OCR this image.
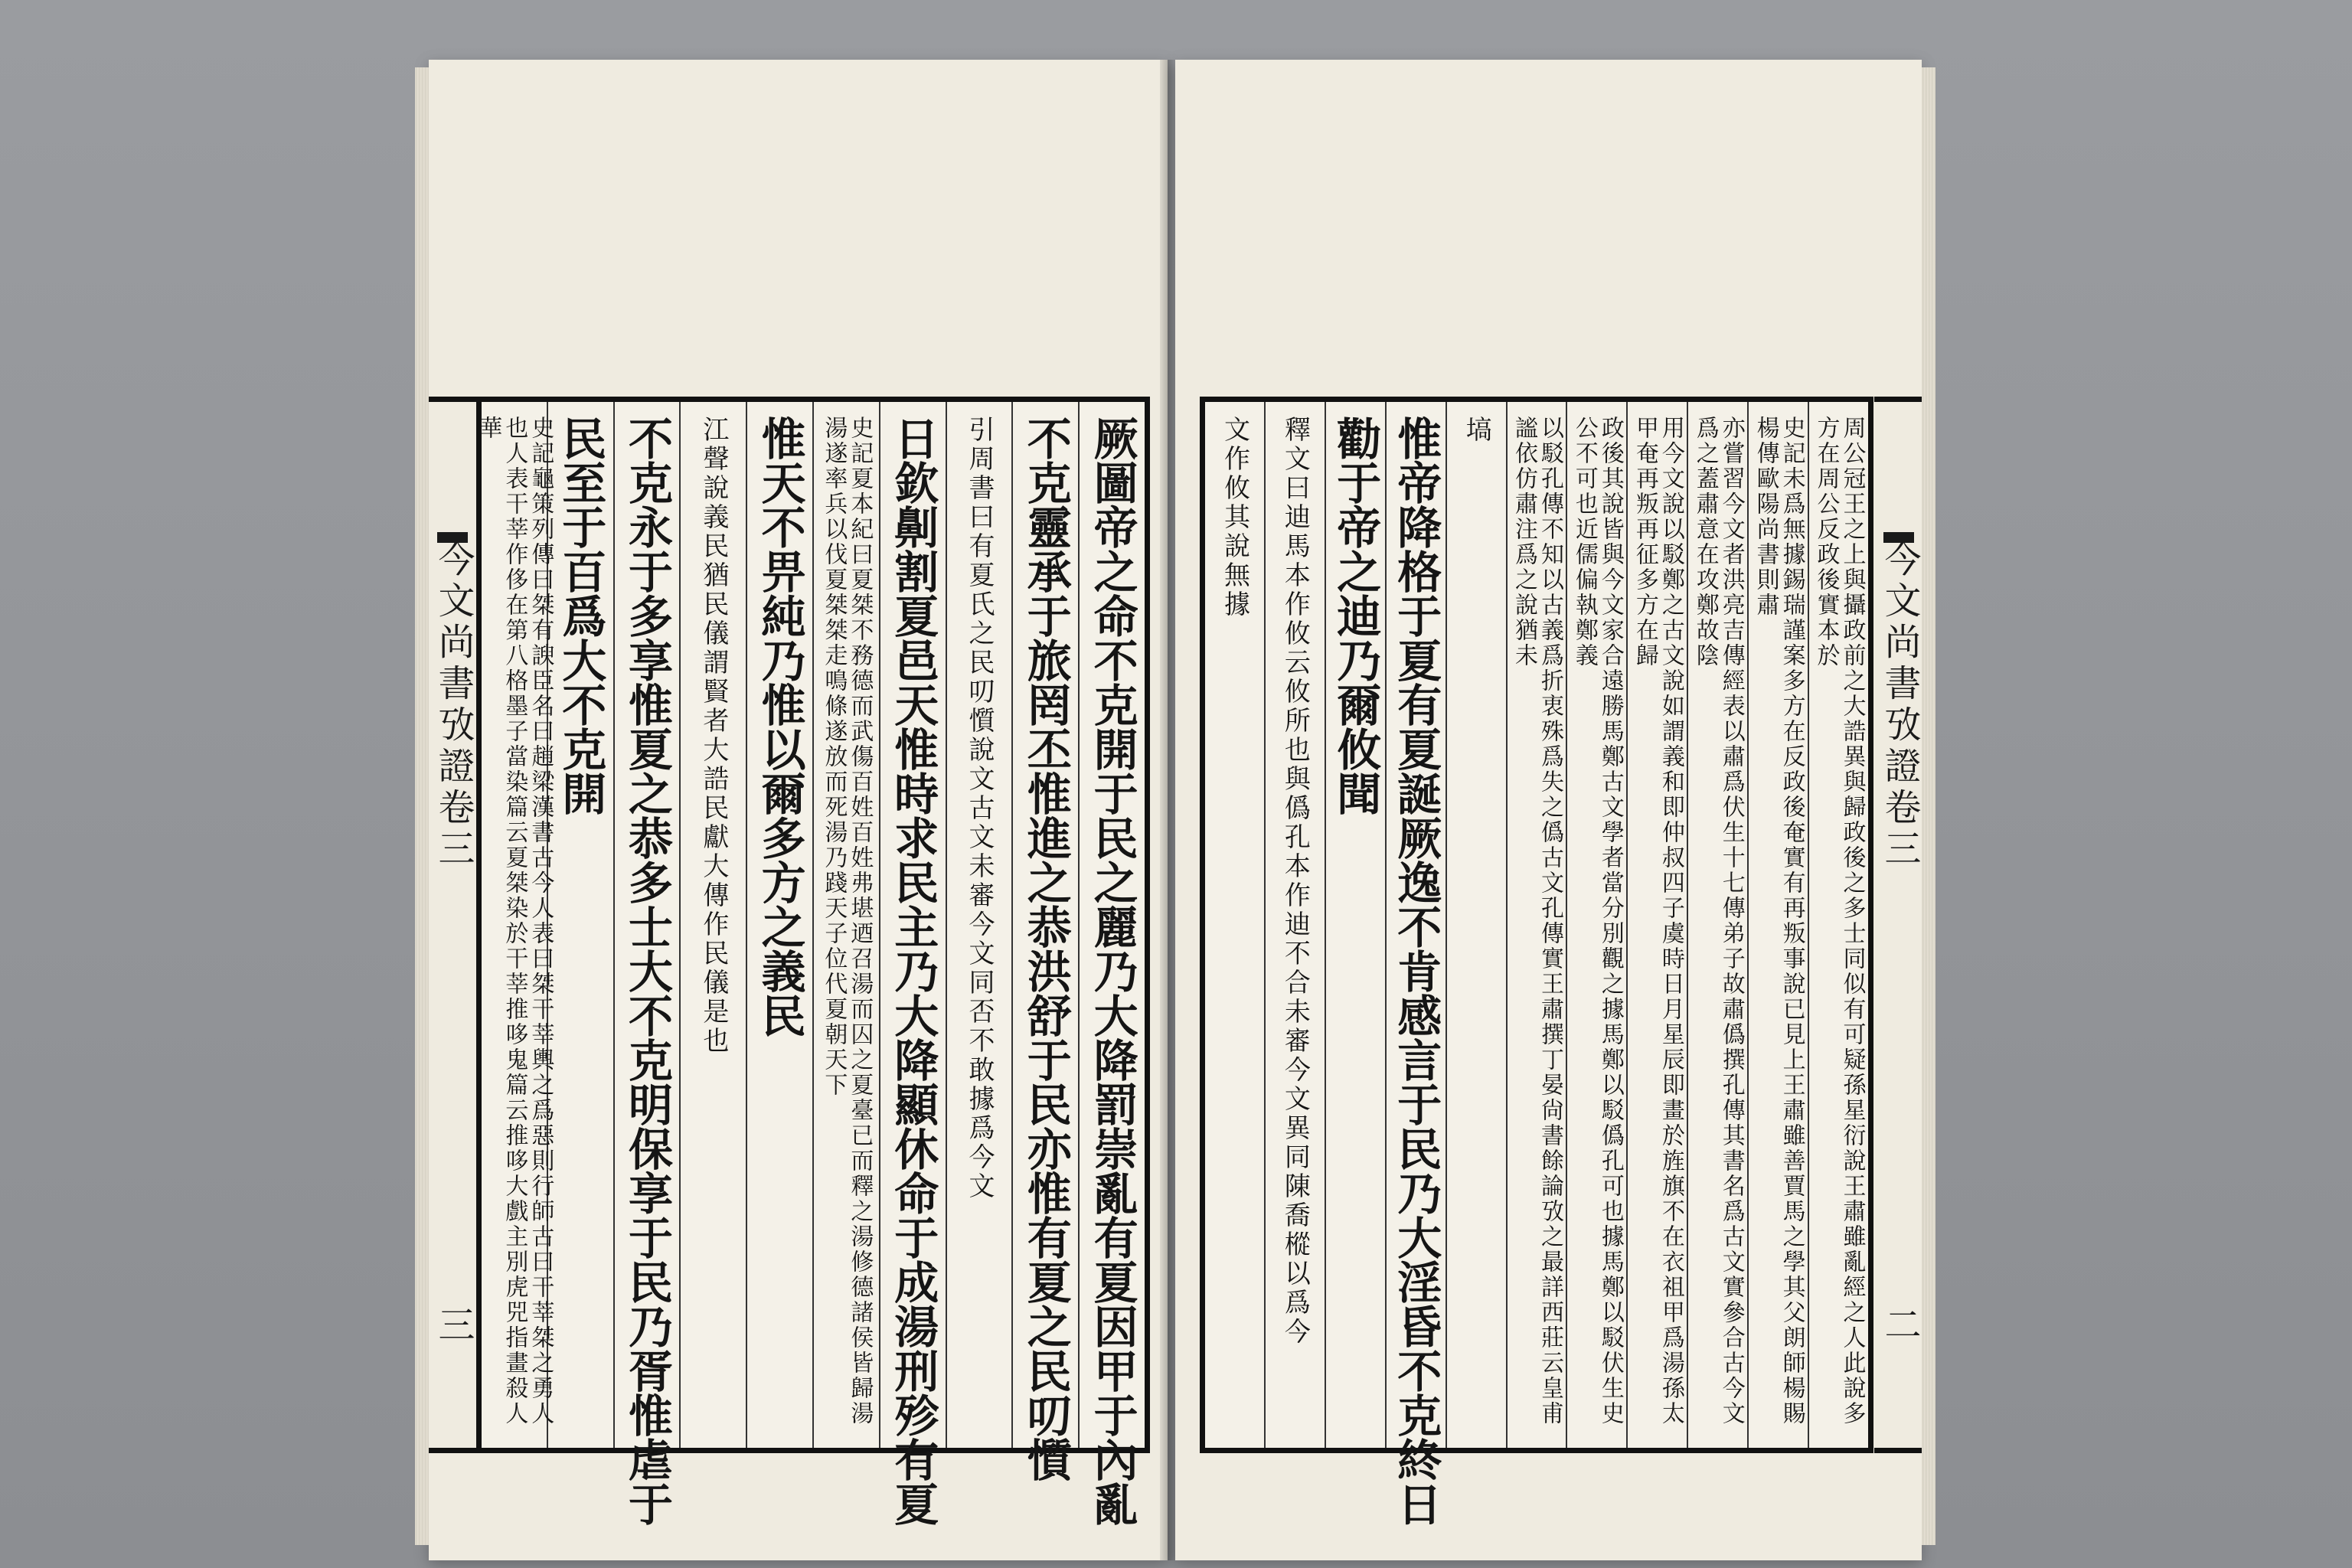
今文尚書攷證卷三
三	厥圖帝之命不克開于民之麗乃大降罰崇亂有夏因甲于內亂
不克靈承于旅罔丕惟進之恭洪舒于民亦惟有夏之民叨懫
引周書曰有夏氏之民叨懫說文古文未審今文同否不敢據爲今文
日欽劓割夏邑天惟時求民主乃大降顯休命于成湯刑殄有夏
史記夏本紀曰夏桀不務德而武傷百姓百姓弗堪迺召湯而囚之夏臺已而釋之湯修德諸侯皆歸湯湯遂率兵以伐夏桀桀走鳴條遂放而死湯乃踐天子位代夏朝天下
惟天不畀純乃惟以爾多方之義民
江聲說義民猶民儀謂賢者大誥民獻大傳作民儀是也
不克永于多享惟夏之恭多士大不克明保享于民乃胥惟虐于
民至于百爲大不克開
史記龜策列傳曰桀有諛臣名曰趙梁漢書古今人表曰桀干莘輿之爲惡則行師古曰干莘桀之勇人也人表干莘作侈在第八格墨子當染篇云夏桀染於干莘推哆鬼篇云推哆大戲主別虎兕指畫殺人華
今文尚書攷證卷三
二
周公冠王之上與攝政前之大誥異與歸政後之多士同似有可疑孫星衍說王肅雖亂經之人此說多方在周公反政後實本於
史記未爲無據錫瑞謹案多方在反政後奄實有再叛事說已見上王肅雖善賈馬之學其父朗師楊賜楊傳歐陽尚書則肅
亦嘗習今文者洪亮吉傳經表以肅爲伏生十七傳弟子故肅僞撰孔傳其書名爲古文實參合古今文爲之蓋肅意在攻鄭故陰
用今文說以駁鄭之古文說如謂義和即仲叔四子虞時日月星辰即畫於旌旗不在衣祖甲爲湯孫太甲奄再叛再征多方在歸
政後其說皆與今文家合遠勝馬鄭古文學者當分別觀之據馬鄭以駁僞孔可也據馬鄭以駁伏生史公不可也近儒偏執鄭義
以駁孔傳不知以古義爲折衷殊爲失之僞古文孔傳實王肅撰丁晏尙書餘論攷之最詳西莊云皇甫謐依仿肅注爲之說猶未
塙
惟帝降格于夏有夏誕厥逸不肯感言于民乃大淫昏不克終日
勸于帝之迪乃爾攸聞
釋文曰迪馬本作攸云攸所也與僞孔本作迪不合未審今文異同陳喬樅以爲今
文作攸其說無據
